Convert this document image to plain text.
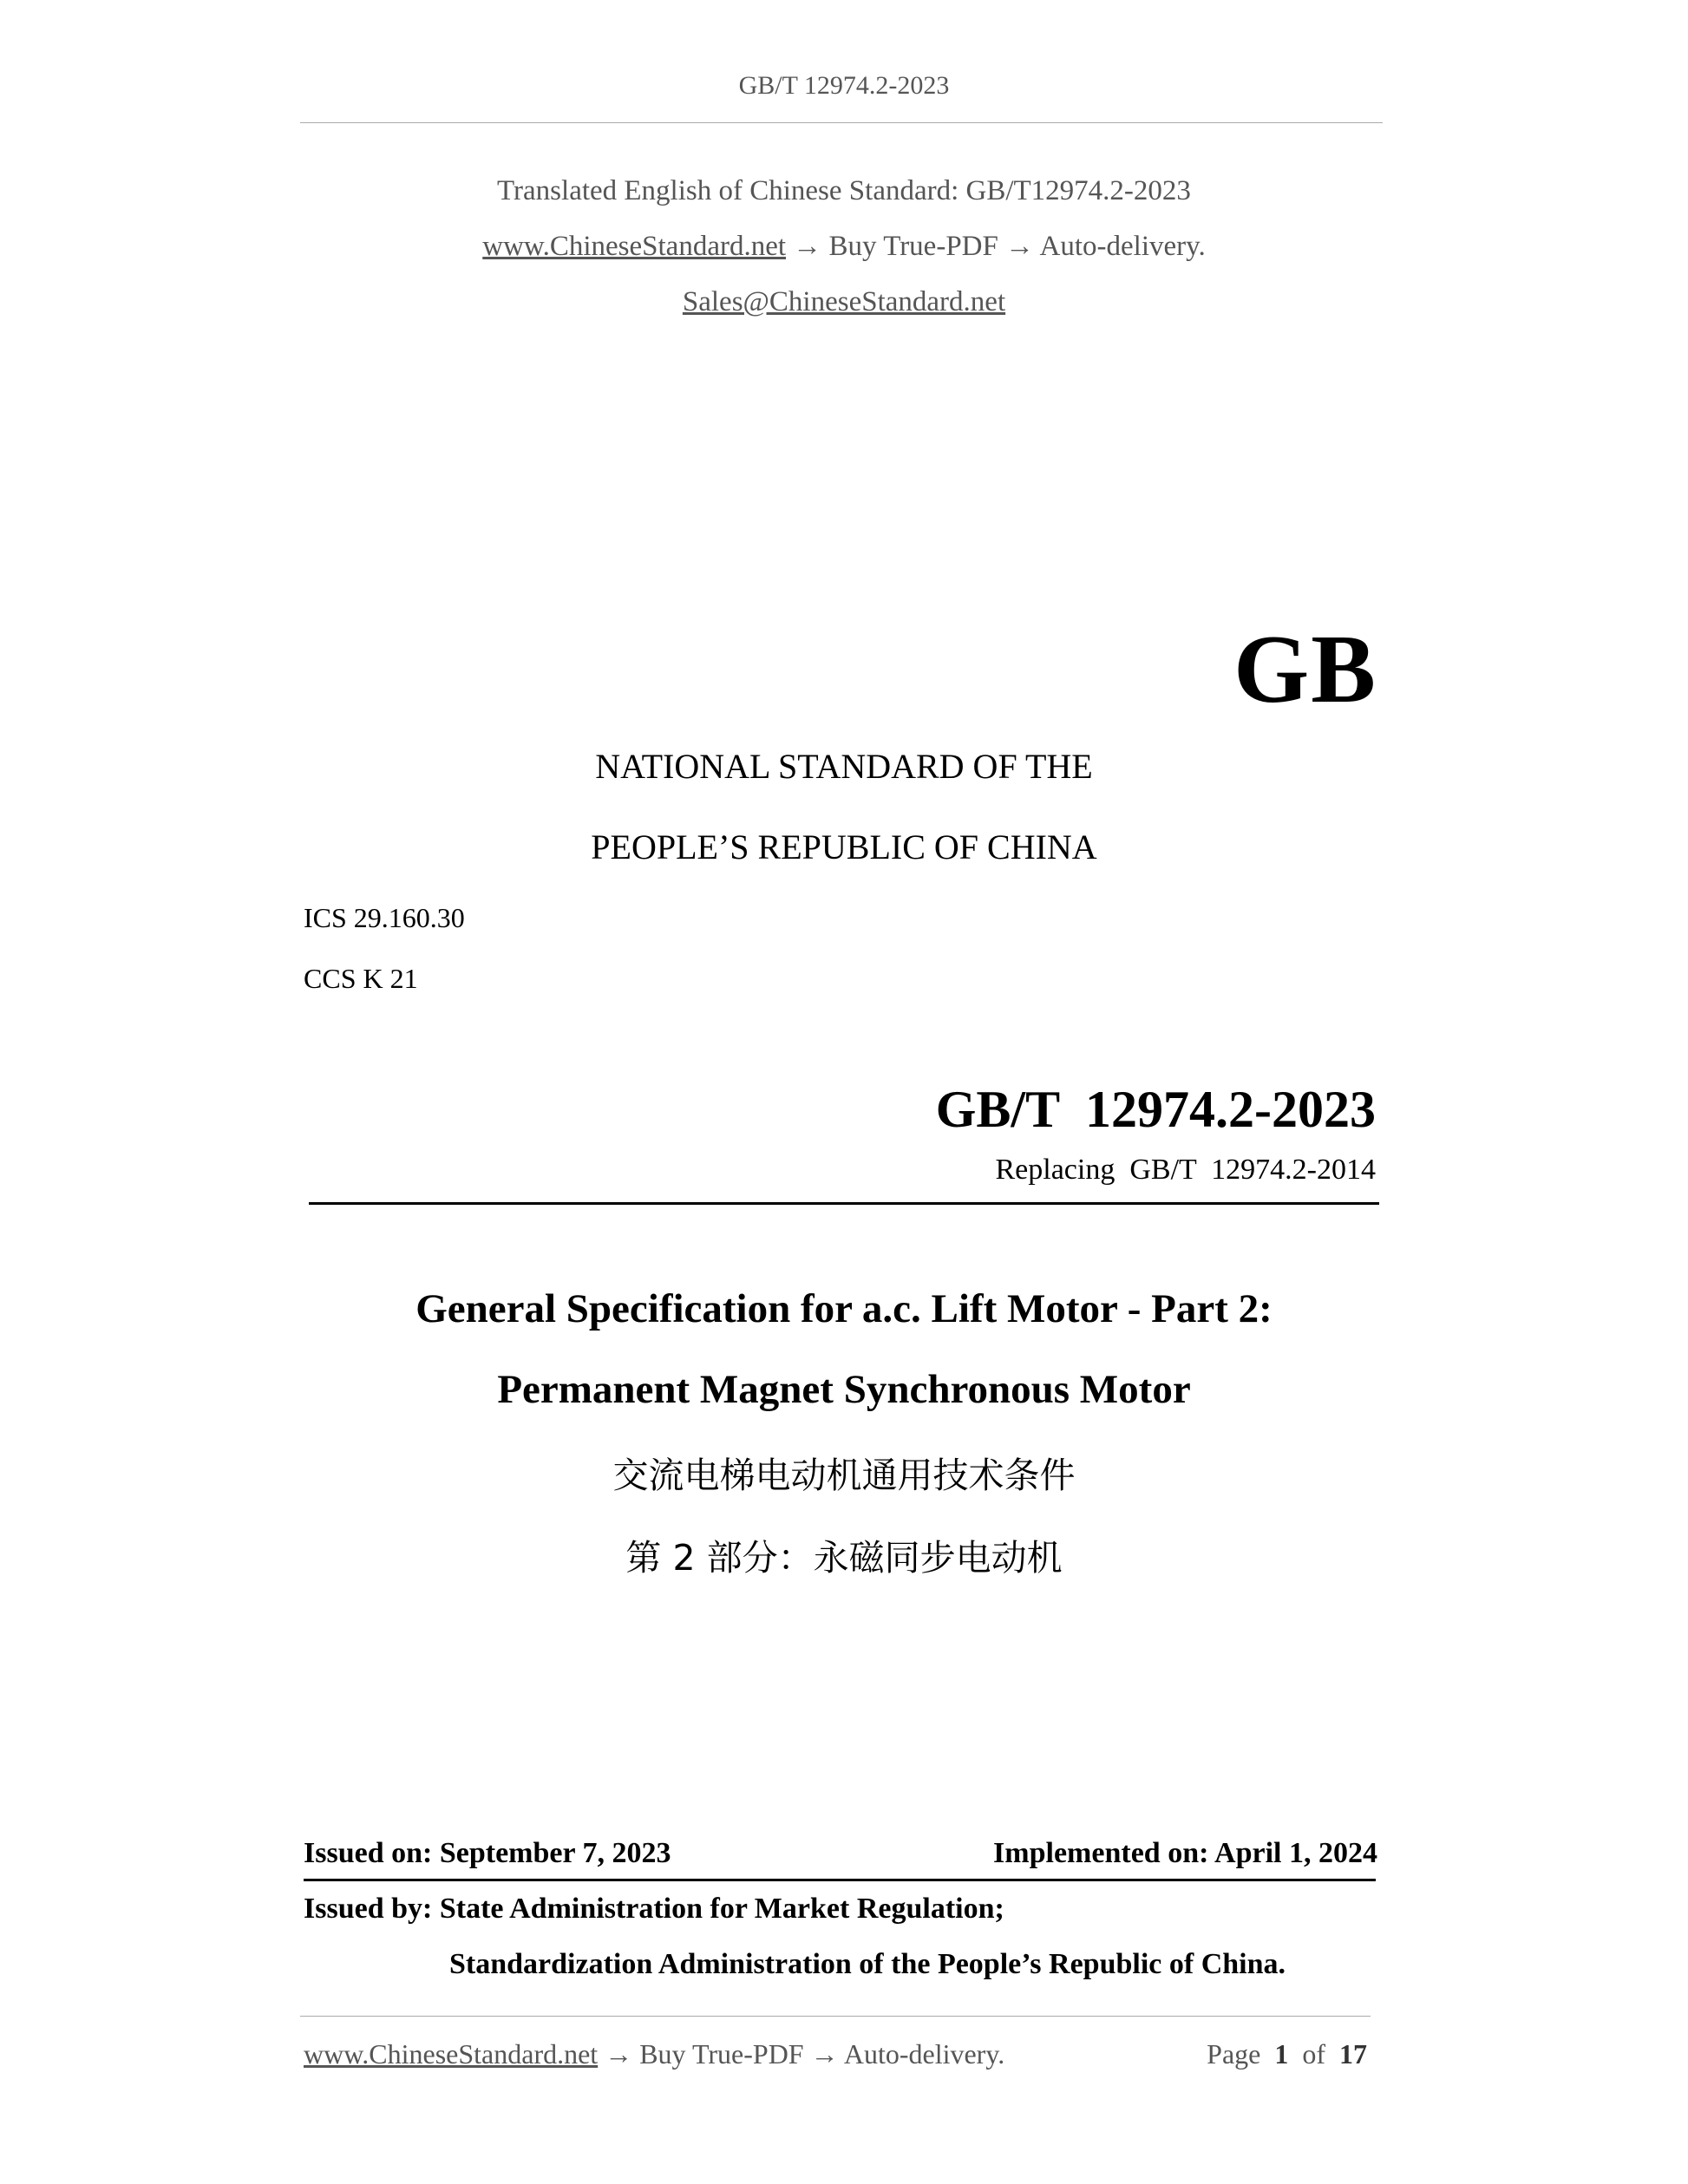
GB/T 12974.2-2023
Translated English of Chinese Standard: GB/T12974.2-2023
www.ChineseStandard.net → Buy True-PDF → Auto-delivery.
Sales@ChineseStandard.net
GB
NATIONAL STANDARD OF THE
PEOPLE’S REPUBLIC OF CHINA
ICS 29.160.30
CCS K 21
GB/T  12974.2-2023
Replacing  GB/T  12974.2-2014
General Specification for a.c. Lift Motor - Part 2:
Permanent Magnet Synchronous Motor
交流电梯电动机通用技术条件
第 2 部分：永磁同步电动机
Issued on: September 7, 2023	Implemented on: April 1, 2024
Issued by: State Administration for Market Regulation;
Standardization Administration of the People’s Republic of China.
www.ChineseStandard.net → Buy True-PDF → Auto-delivery.	Page 1 of 17
